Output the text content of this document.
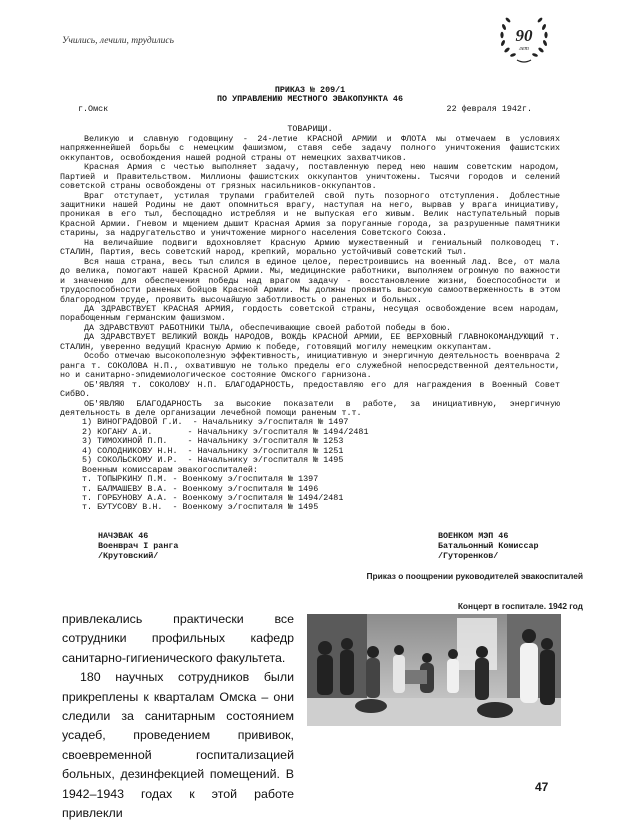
Учились, лечили, трудились	90
лет
ПРИКАЗ № 209/1
ПО УПРАВЛЕНИЮ МЕСТНОГО ЭВАКОПУНКТА 46
г.Омск	22 февраля 1942г.
ТОВАРИЩИ.

Великую и славную годовщину - 24-летие КРАСНОЙ АРМИИ и ФЛОТА мы отмечаем в условиях напряженнейшей борьбы с немецким фашизмом, ставя себе задачу полного уничтожения фашистских оккупантов, освобождения нашей родной страны от немецких захватчиков.

Красная Армия с честью выполняет задачу, поставленную перед нею нашим советским народом, Партией и Правительством. Миллионы фашистских оккупантов уничтожены. Тысячи городов и селений советской страны освобождены от грязных насильников-оккупантов.

Враг отступает, устилая трупами грабителей свой путь позорного отступления. Доблестные защитники нашей Родины не дают опомниться врагу, наступая на него, вырвав у врага инициативу, проникая в его тыл, беспощадно истребляя и не выпуская его живым. Велик наступательный порыв Красной Армии. Гневом и мщением дышит Красная Армия за поруганные города, за разрушенные памятники старины, за надругательство и уничтожение мирного населения Советского Союза.

На величайшие подвиги вдохновляет Красную Армию мужественный и гениальный полководец т. СТАЛИН, Партия, весь советский народ, крепкий, морально устойчивый советский тыл.

Вся наша страна, весь тыл слился в единое целое, перестроившись на военный лад. Все, от мала до велика, помогают нашей Красной Армии. Мы, медицинские работники, выполняем огромную по важности и значению для обеспечения победы над врагом задачу - восстановление жизни, боеспособности и трудоспособности раненых бойцов Красной Армии. Мы должны проявить высокую самоотверженность в этом благородном труде, проявить высочайшую заботливость о раненых и больных.

ДА ЗДРАВСТВУЕТ КРАСНАЯ АРМИЯ, гордость советской страны, несущая освобождение всем народам, порабощенным германским фашизмом.

ДА ЗДРАВСТВУЮТ РАБОТНИКИ ТЫЛА, обеспечивающие своей работой победы в бою.

ДА ЗДРАВСТВУЕТ ВЕЛИКИЙ ВОЖДЬ НАРОДОВ, ВОЖДЬ КРАСНОЙ АРМИИ, ЕЕ ВЕРХОВНЫЙ ГЛАВНОКОМАНДУЮЩИЙ т. СТАЛИН, уверенно ведущий Красную Армию к победе, готовящий могилу немецким оккупантам.

Особо отмечаю высокополезную эффективность, инициативную и энергичную деятельность военврача 2 ранга т. СОКОЛОВА Н.П., охватившую не только пределы его служебной непосредственной деятельности, но и санитарно-эпидемиологическое состояние Омского гарнизона.

ОБ'ЯВЛЯЯ т. СОКОЛОВУ Н.П. БЛАГОДАРНОСТЬ, предоставляю его для награждения в Военный Совет СибВО.

ОБ'ЯВЛЯЮ БЛАГОДАРНОСТЬ за высокие показатели в работе, за инициативную, энергичную деятельность в деле организации лечебной помощи раненым т.т.

1) ВИНОГРАДОВОЙ Г.И.  - Начальнику э/госпиталя № 1497
2) КОГАНУ А.И.       - Начальнику э/госпиталя № 1494/2481
3) ТИМОХИНОЙ П.П.    - Начальнику э/госпиталя № 1253
4) СОЛОДНИКОВУ Н.Н.  - Начальнику э/госпиталя № 1251
5) СОКОЛЬСКОМУ И.Р.  - Начальнику э/госпиталя № 1495
Военным комиссарам эвакогоспиталей:
т. ТОПЫРКИНУ П.М. - Военкому э/госпиталя № 1397
т. БАЛМАШЕВУ В.А. - Военкому э/госпиталя № 1496
т. ГОРБУНОВУ А.А. - Военкому э/госпиталя № 1494/2481
т. БУТУСОВУ В.Н.  - Военкому э/госпиталя № 1495
НАЧЭВАК 46
Военврач I ранга
/Крутовский/
ВОЕНКОМ МЭП 46
Батальонный Комиссар
/Гуторенков/
Приказ о поощрении руководителей эвакоспиталей
Концерт в госпитале. 1942 год

привлекались практически все сотрудники профильных кафедр санитарно-гигиенического факультета.

180 научных сотрудников были прикреплены к кварталам Омска – они следили за санитарным состоянием усадеб, проведением прививок, своевременной госпитализацией больных, дезинфекцией помещений. В 1942–1943 годах к этой работе привлекли

47
